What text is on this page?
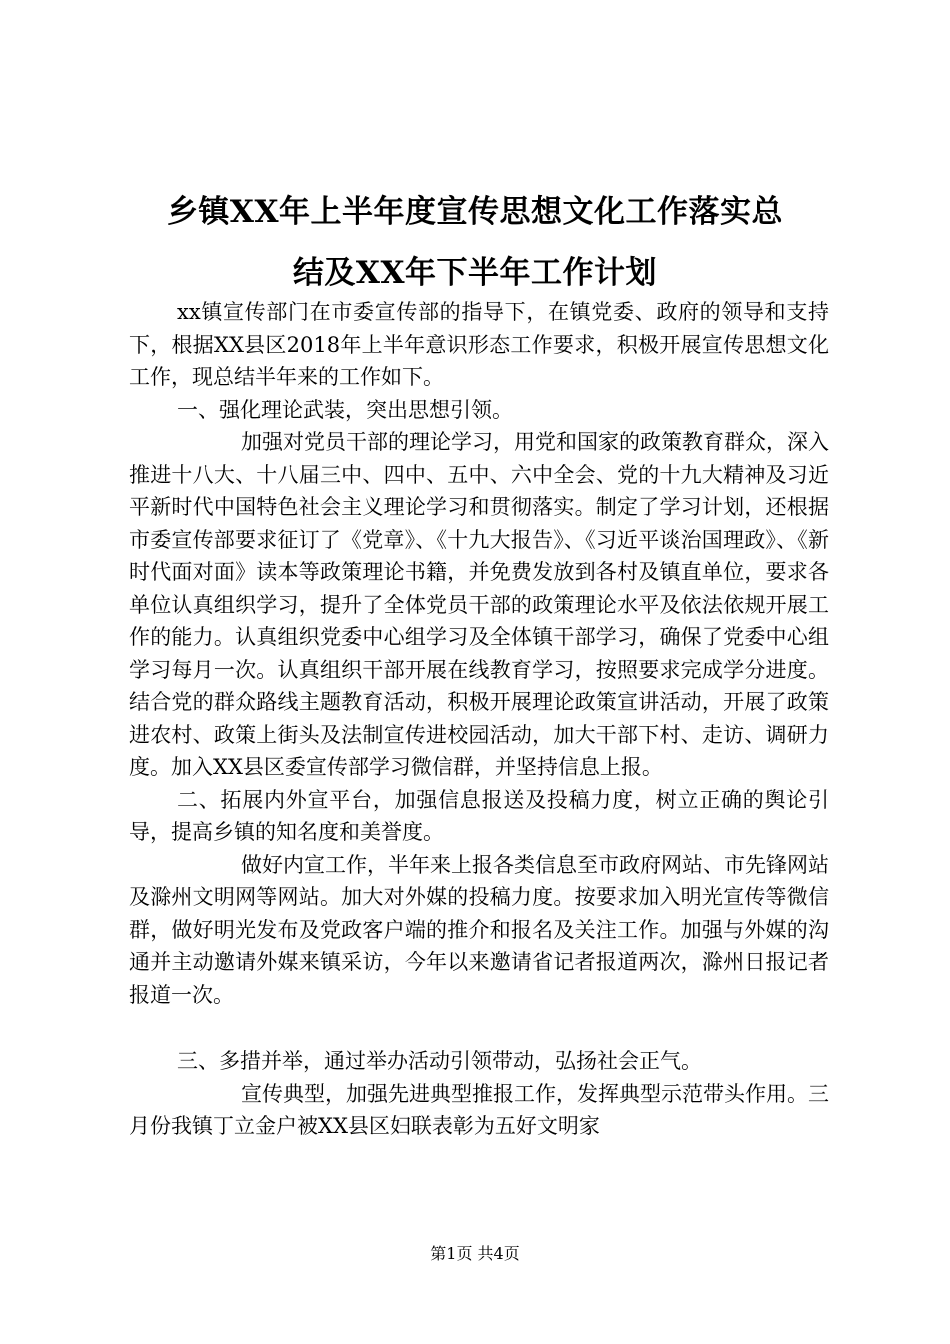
乡镇XX年上半年度宣传思想文化工作落实总
结及XX年下半年工作计划

xx镇宣传部门在市委宣传部的指导下，在镇党委、政府的领导和支持下，根据XX县区2018年上半年意识形态工作要求，积极开展宣传思想文化工作，现总结半年来的工作如下。

一、强化理论武装，突出思想引领。

加强对党员干部的理论学习，用党和国家的政策教育群众，深入推进十八大、十八届三中、四中、五中、六中全会、党的十九大精神及习近平新时代中国特色社会主义理论学习和贯彻落实。制定了学习计划，还根据市委宣传部要求征订了《党章》、《十九大报告》、《习近平谈治国理政》、《新时代面对面》读本等政策理论书籍，并免费发放到各村及镇直单位，要求各单位认真组织学习，提升了全体党员干部的政策理论水平及依法依规开展工作的能力。认真组织党委中心组学习及全体镇干部学习，确保了党委中心组学习每月一次。认真组织干部开展在线教育学习，按照要求完成学分进度。结合党的群众路线主题教育活动，积极开展理论政策宣讲活动，开展了政策进农村、政策上街头及法制宣传进校园活动，加大干部下村、走访、调研力度。加入XX县区委宣传部学习微信群，并坚持信息上报。

二、拓展内外宣平台，加强信息报送及投稿力度，树立正确的舆论引导，提高乡镇的知名度和美誉度。

做好内宣工作，半年来上报各类信息至市政府网站、市先锋网站及滁州文明网等网站。加大对外媒的投稿力度。按要求加入明光宣传等微信群，做好明光发布及党政客户端的推介和报名及关注工作。加强与外媒的沟通并主动邀请外媒来镇采访，今年以来邀请省记者报道两次，滁州日报记者报道一次。

三、多措并举，通过举办活动引领带动，弘扬社会正气。

宣传典型，加强先进典型推报工作，发挥典型示范带头作用。三月份我镇丁立金户被XX县区妇联表彰为五好文明家

第1页 共4页
